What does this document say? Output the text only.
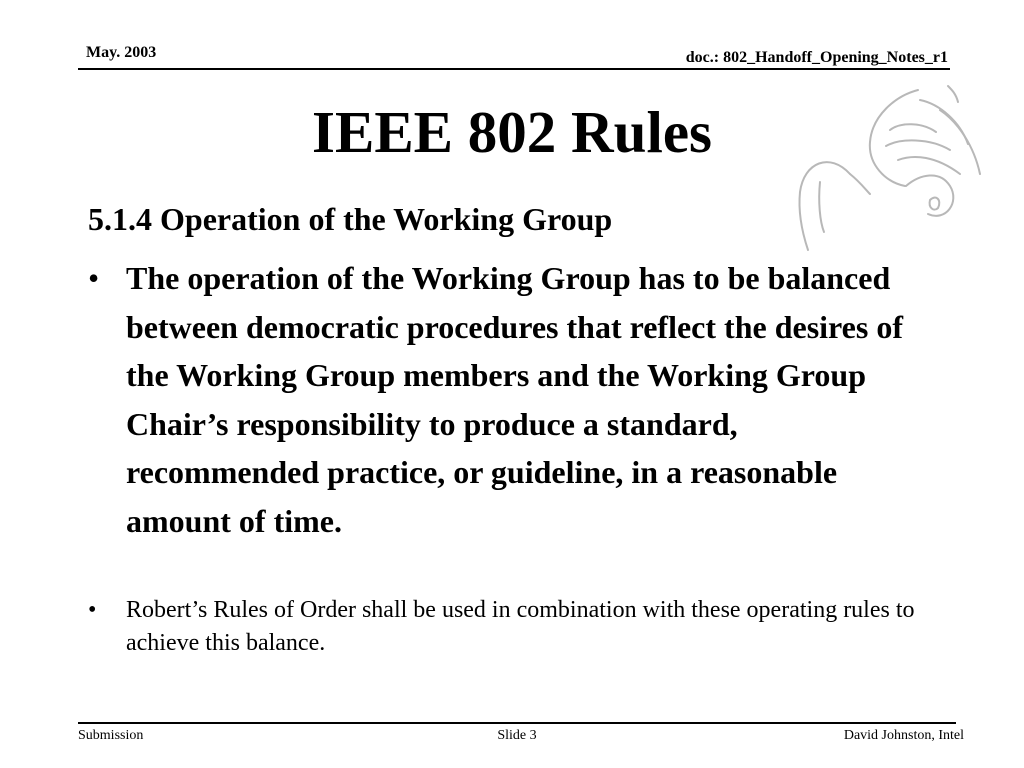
May. 2003	doc.: 802_Handoff_Opening_Notes_r1
IEEE 802 Rules
5.1.4 Operation of the Working Group
• The operation of the Working Group has to be balanced between democratic procedures that reflect the desires of the Working Group members and the Working Group Chair’s responsibility to produce a standard, recommended practice, or guideline, in a reasonable amount of time.
• Robert’s Rules of Order shall be used in combination with these operating rules to achieve this balance.
Submission	Slide 3	David Johnston, Intel
